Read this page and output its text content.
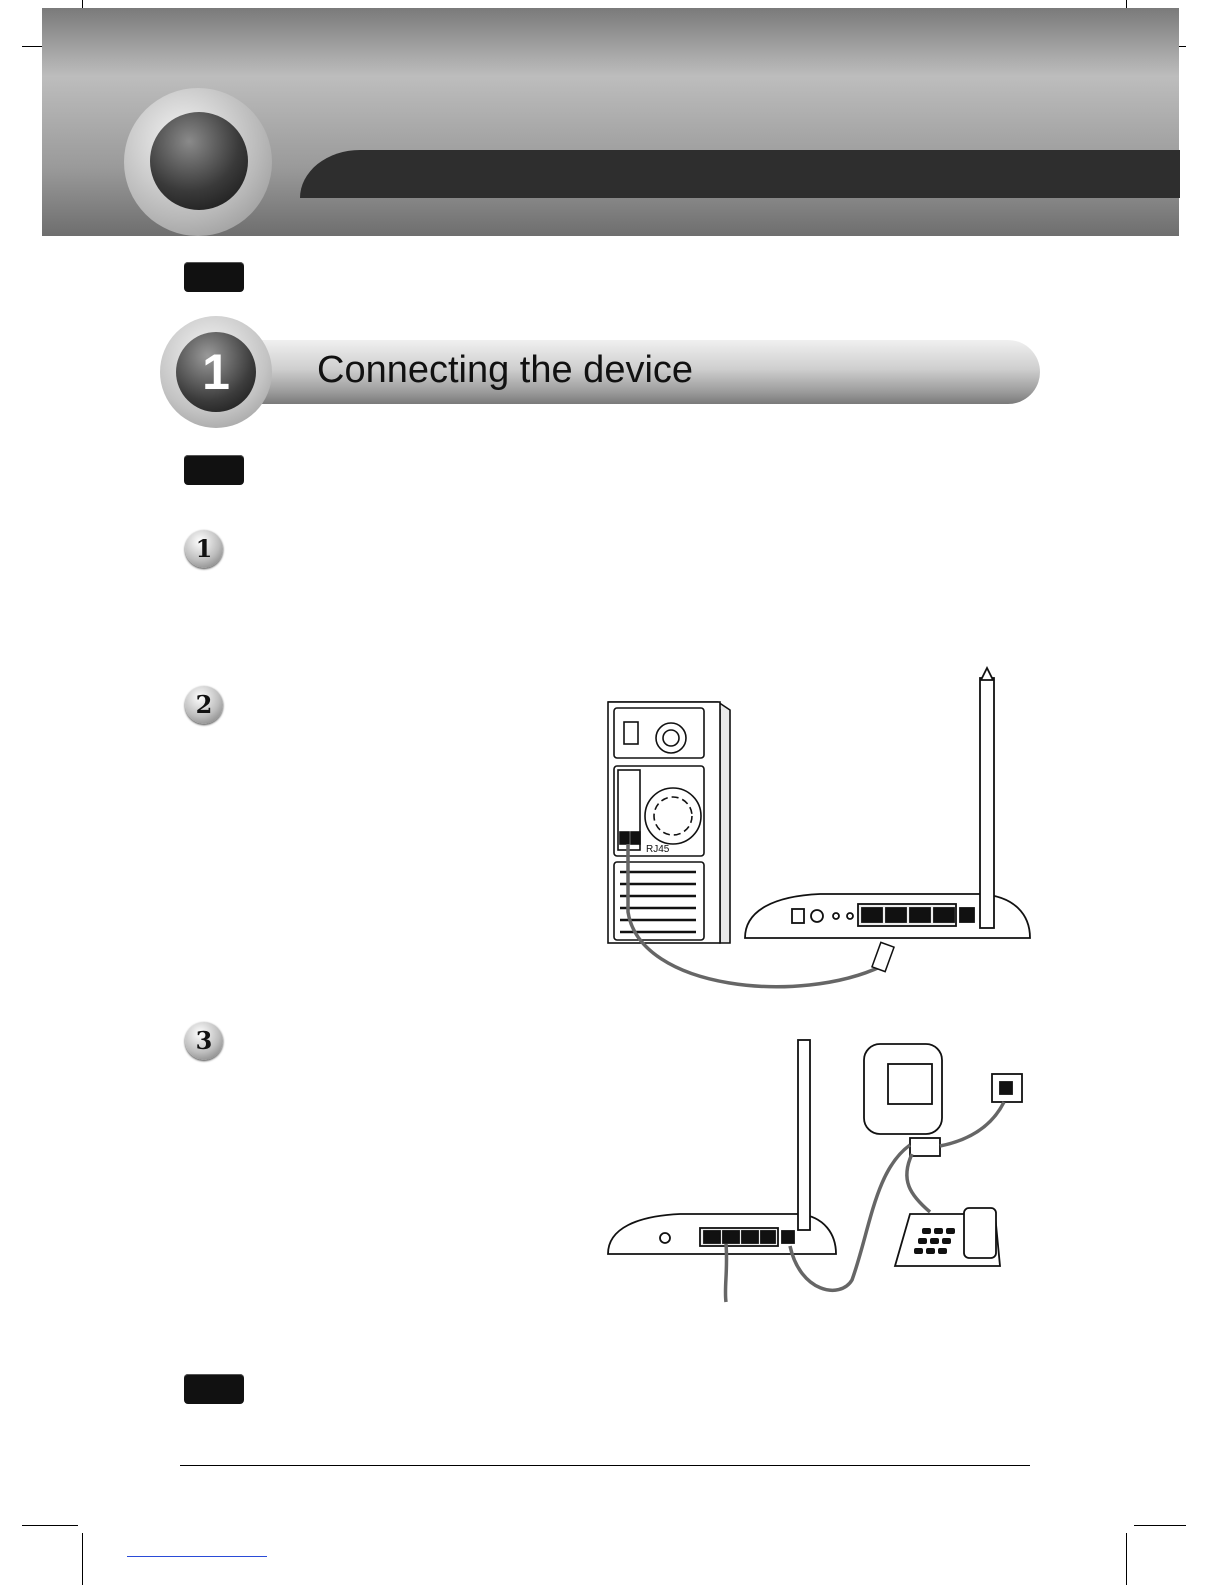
1	Connecting the device
1
2
3
RJ45
